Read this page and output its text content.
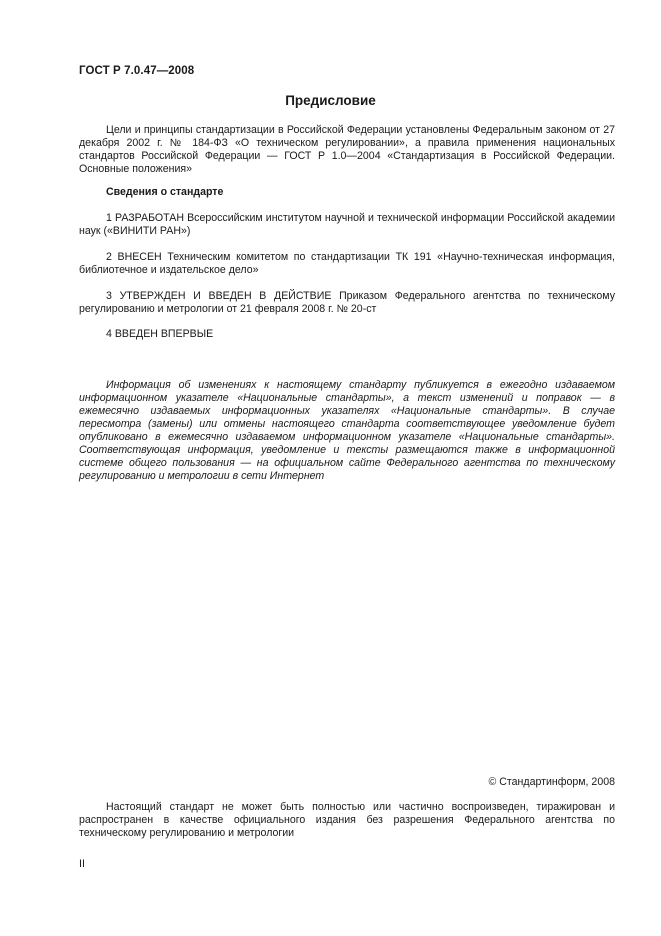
ГОСТ Р 7.0.47—2008
Предисловие

Цели и принципы стандартизации в Российской Федерации установлены Федеральным законом от 27 декабря 2002 г. № 184-ФЗ «О техническом регулировании», а правила применения национальных стандартов Российской Федерации — ГОСТ Р 1.0—2004 «Стандартизация в Российской Федерации. Основные положения»

Сведения о стандарте

1 РАЗРАБОТАН Всероссийским институтом научной и технической информации Российской академии наук («ВИНИТИ РАН»)

2 ВНЕСЕН Техническим комитетом по стандартизации ТК 191 «Научно-техническая информация, библиотечное и издательское дело»

3 УТВЕРЖДЕН И ВВЕДЕН В ДЕЙСТВИЕ Приказом Федерального агентства по техническому регулированию и метрологии от 21 февраля 2008 г. № 20-ст

4 ВВЕДЕН ВПЕРВЫЕ

Информация об изменениях к настоящему стандарту публикуется в ежегодно издаваемом информационном указателе «Национальные стандарты», а текст изменений и поправок — в ежемесячно издаваемых информационных указателях «Национальные стандарты». В случае пересмотра (замены) или отмены настоящего стандарта соответствующее уведомление будет опубликовано в ежемесячно издаваемом информационном указателе «Национальные стандарты». Соответствующая информация, уведомление и тексты размещаются также в информационной системе общего пользования — на официальном сайте Федерального агентства по техническому регулированию и метрологии в сети Интернет

© Стандартинформ, 2008

Настоящий стандарт не может быть полностью или частично воспроизведен, тиражирован и распространен в качестве официального издания без разрешения Федерального агентства по техническому регулированию и метрологии

II
